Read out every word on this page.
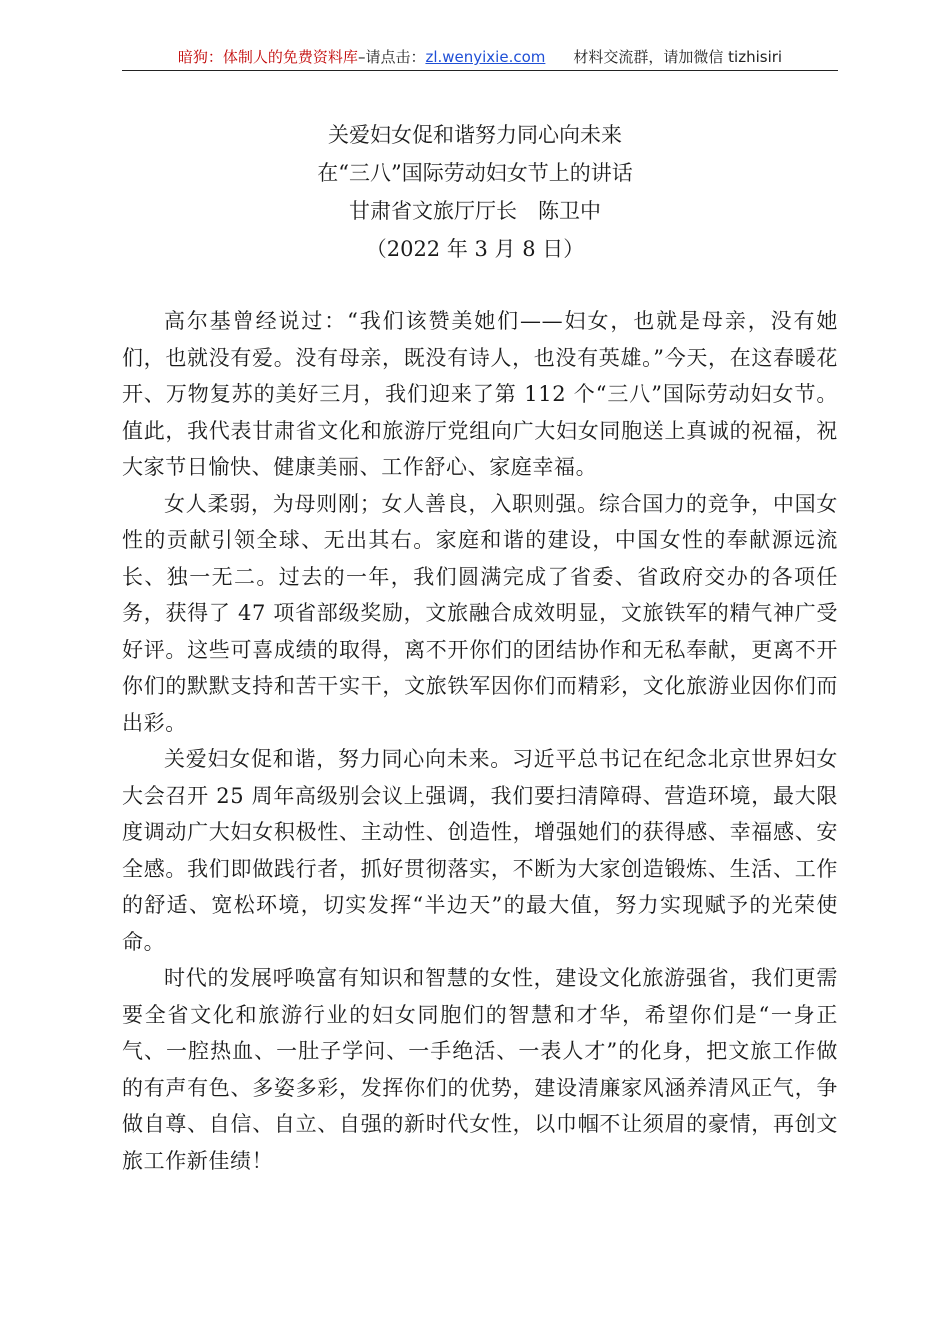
暗狗：体制人的免费资料库–请点击：zl.wenyixie.com 材料交流群，请加微信 tizhisiri
关爱妇女促和谐努力同心向未来
在“三八”国际劳动妇女节上的讲话
甘肃省文旅厅厅长　陈卫中
（2022 年 3 月 8 日）

高尔基曾经说过：“我们该赞美她们——妇女，也就是母亲，没有她们，也就没有爱。没有母亲，既没有诗人，也没有英雄。”今天，在这春暖花开、万物复苏的美好三月，我们迎来了第 112 个“三八”国际劳动妇女节。值此，我代表甘肃省文化和旅游厅党组向广大妇女同胞送上真诚的祝福，祝大家节日愉快、健康美丽、工作舒心、家庭幸福。

女人柔弱，为母则刚；女人善良，入职则强。综合国力的竞争，中国女性的贡献引领全球、无出其右。家庭和谐的建设，中国女性的奉献源远流长、独一无二。过去的一年，我们圆满完成了省委、省政府交办的各项任务，获得了 47 项省部级奖励，文旅融合成效明显，文旅铁军的精气神广受好评。这些可喜成绩的取得，离不开你们的团结协作和无私奉献，更离不开你们的默默支持和苦干实干，文旅铁军因你们而精彩，文化旅游业因你们而出彩。

关爱妇女促和谐，努力同心向未来。习近平总书记在纪念北京世界妇女大会召开 25 周年高级别会议上强调，我们要扫清障碍、营造环境，最大限度调动广大妇女积极性、主动性、创造性，增强她们的获得感、幸福感、安全感。我们即做践行者，抓好贯彻落实，不断为大家创造锻炼、生活、工作的舒适、宽松环境，切实发挥“半边天”的最大值，努力实现赋予的光荣使命。

时代的发展呼唤富有知识和智慧的女性，建设文化旅游强省，我们更需要全省文化和旅游行业的妇女同胞们的智慧和才华，希望你们是“一身正气、一腔热血、一肚子学问、一手绝活、一表人才”的化身，把文旅工作做的有声有色、多姿多彩，发挥你们的优势，建设清廉家风涵养清风正气，争做自尊、自信、自立、自强的新时代女性，以巾帼不让须眉的豪情，再创文旅工作新佳绩！
